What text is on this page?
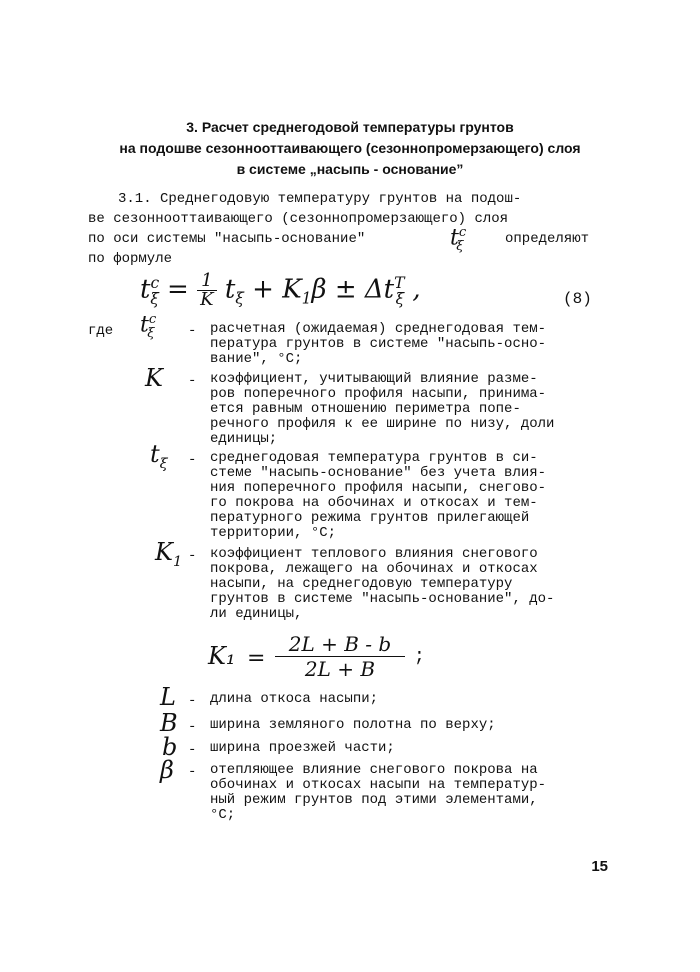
3. Расчет среднегодовой температуры грунтов
на подошве сезоннооттаивающего (сезоннопромерзающего) слоя
в системе „насыпь - основание”
3.1. Среднегодовую температуру грунтов на подош-
ве сезоннооттаивающего (сезоннопромерзающего) слоя
по оси системы "насыпь-основание"	$t^c_\xi$	определяют
по формуле
$t^c_\xi = \frac{1}{K} t_\xi + K_1\beta \pm \Delta t^T_\xi$ ,	(8)
где $t^c_\xi$ - расчетная (ожидаемая) среднегодовая тем-
пература грунтов в системе "насыпь-осно-
вание", °С;
K - коэффициент, учитывающий влияние разме-
ров поперечного профиля насыпи, принима-
ется равным отношению периметра попе-
речного профиля к ее ширине по низу, доли
единицы;
$t_\xi$ - среднегодовая температура грунтов в си-
стеме "насыпь-основание" без учета влия-
ния поперечного профиля насыпи, снегово-
го покрова на обочинах и откосах и тем-
пературного режима грунтов прилегающей
территории, °С;
$K_1$ - коэффициент теплового влияния снегового
покрова, лежащего на обочинах и откосах
насыпи, на среднегодовую температуру
грунтов в системе "насыпь-основание", до-
ли единицы,
$K_1 = \frac{2L + B - b}{2L + B}$ ;
L - длина откоса насыпи;
B - ширина земляного полотна по верху;
b - ширина проезжей части;
β - отепляющее влияние снегового покрова на
обочинах и откосах насыпи на температур-
ный режим грунтов под этими элементами,
°С;
15
